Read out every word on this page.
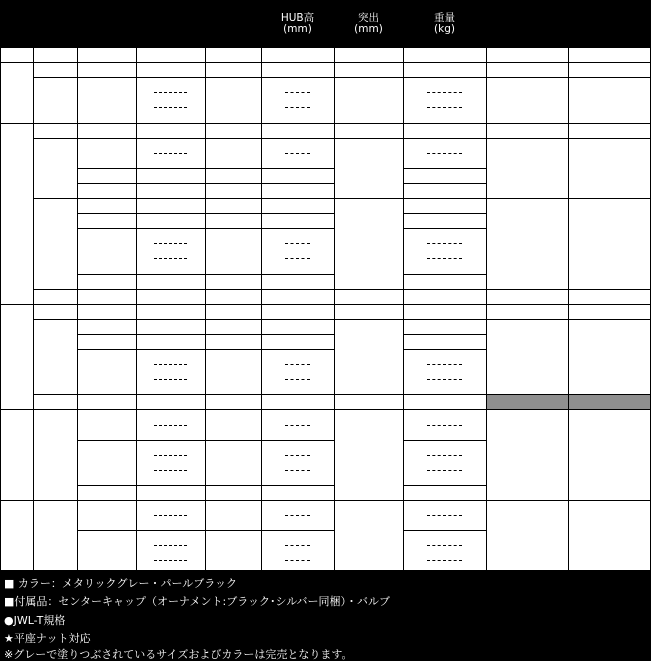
HUB高
(mm)
突出
(mm)
重量
(kg)
■ カラー：メタリックグレー・パールブラック
■付属品：センターキャップ（オーナメント:ブラック･シルバー同梱）・バルブ
●JWL-T規格
★平座ナット対応
※グレーで塗りつぶされているサイズおよびカラーは完売となります。
